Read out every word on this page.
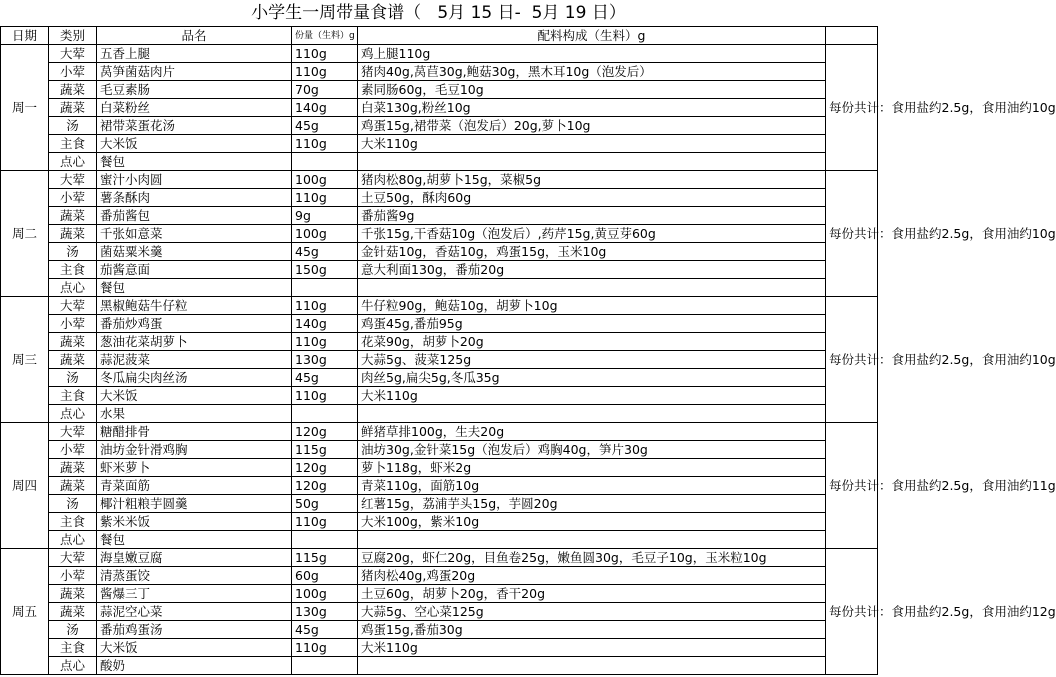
小学生一周带量食谱（   5月 15 日-  5月 19 日）
日期	类别	品名	份量（生料）g	配料构成（生料）g	
周一	大荤	五香上腿	110g	鸡上腿110g	每份共计：食用盐约2.5g，食用油约10g
	小荤	莴笋菌菇肉片	110g	猪肉40g,莴苣30g,鲍菇30g，黑木耳10g（泡发后）	
	蔬菜	毛豆素肠	70g	素同肠60g，毛豆10g	
	蔬菜	白菜粉丝	140g	白菜130g,粉丝10g	
	汤	裙带菜蛋花汤	45g	鸡蛋15g,裙带菜（泡发后）20g,萝卜10g	
	主食	大米饭	110g	大米110g	
	点心	餐包			
周二	大荤	蜜汁小肉圆	100g	猪肉松80g,胡萝卜15g，菜椒5g	每份共计：食用盐约2.5g，食用油约10g
	小荤	薯条酥肉	110g	土豆50g，酥肉60g	
	蔬菜	番茄酱包	9g	番茄酱9g	
	蔬菜	千张如意菜	100g	千张15g,干香菇10g（泡发后）,药芹15g,黄豆芽60g	
	汤	菌菇粟米羹	45g	金针菇10g，香菇10g，鸡蛋15g，玉米10g	
	主食	茄酱意面	150g	意大利面130g，番茄20g	
	点心	餐包			
周三	大荤	黑椒鲍菇牛仔粒	110g	牛仔粒90g，鲍菇10g，胡萝卜10g	每份共计：食用盐约2.5g，食用油约10g
	小荤	番茄炒鸡蛋	140g	鸡蛋45g,番茄95g	
	蔬菜	葱油花菜胡萝卜	110g	花菜90g，胡萝卜20g	
	蔬菜	蒜泥菠菜	130g	大蒜5g、菠菜125g	
	汤	冬瓜扁尖肉丝汤	45g	肉丝5g,扁尖5g,冬瓜35g	
	主食	大米饭	110g	大米110g	
	点心	水果			
周四	大荤	糖醋排骨	120g	鲜猪草排100g，生夫20g	每份共计：食用盐约2.5g，食用油约11g
	小荤	油坊金针滑鸡胸	115g	油坊30g,金针菜15g（泡发后）鸡胸40g，笋片30g	
	蔬菜	虾米萝卜	120g	萝卜118g，虾米2g	
	蔬菜	青菜面筋	120g	青菜110g，面筋10g	
	汤	椰汁粗粮芋圆羹	50g	红薯15g，荔浦芋头15g，芋圆20g	
	主食	紫米米饭	110g	大米100g，紫米10g	
	点心	餐包			
周五	大荤	海皇嫩豆腐	115g	豆腐20g，虾仁20g，目鱼卷25g，嫩鱼圆30g，毛豆子10g，玉米粒10g	每份共计：食用盐约2.5g，食用油约12g
	小荤	清蒸蛋饺	60g	猪肉松40g,鸡蛋20g	
	蔬菜	酱爆三丁	100g	土豆60g，胡萝卜20g，香干20g	
	蔬菜	蒜泥空心菜	130g	大蒜5g、空心菜125g	
	汤	番茄鸡蛋汤	45g	鸡蛋15g,番茄30g	
	主食	大米饭	110g	大米110g	
	点心	酸奶			
